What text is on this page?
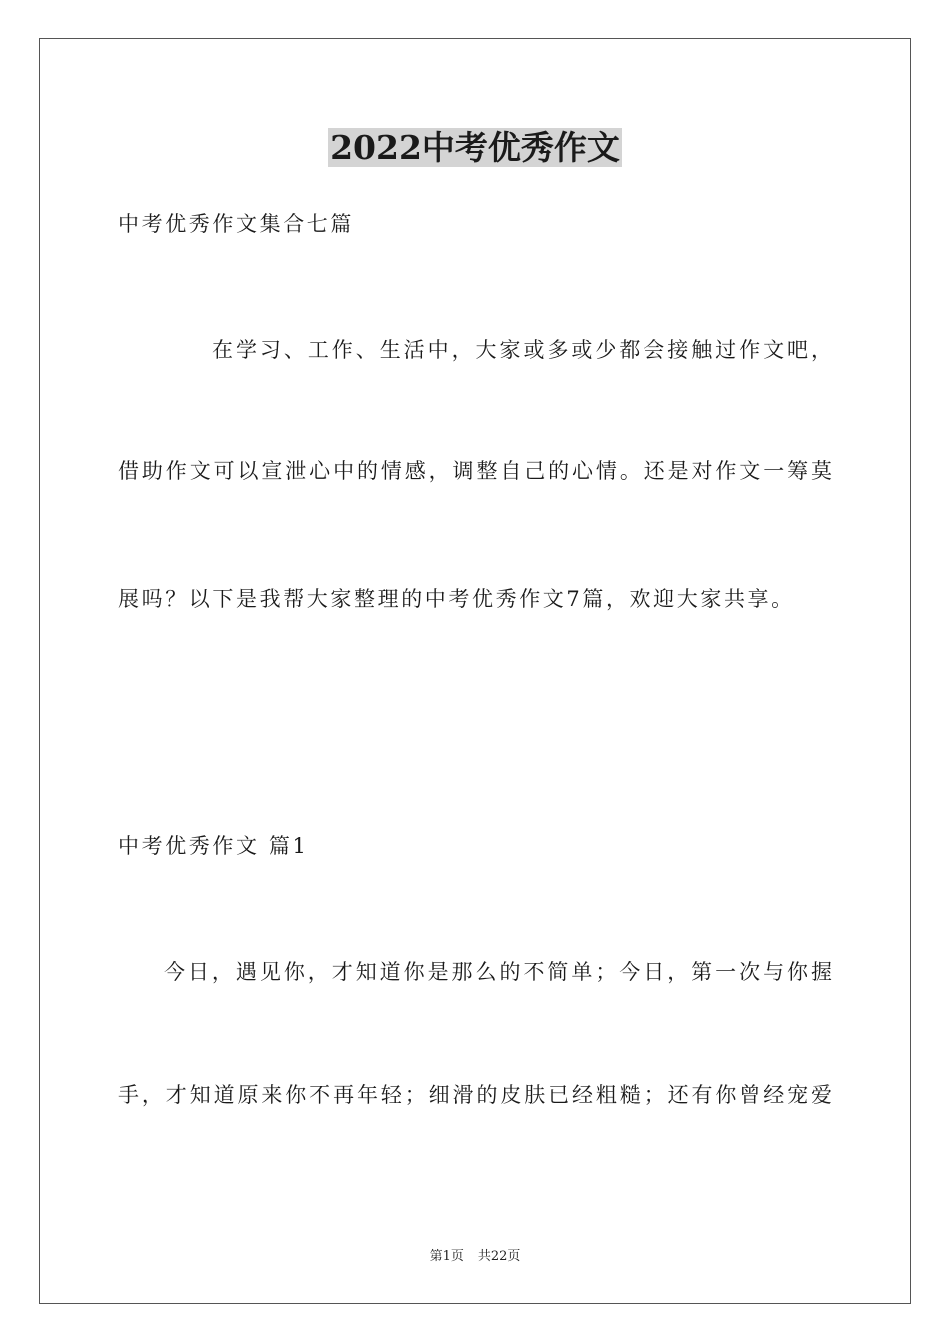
2022中考优秀作文
中考优秀作文集合七篇
在学习、工作、生活中，大家或多或少都会接触过作文吧，
借助作文可以宣泄心中的情感，调整自己的心情。还是对作文一筹莫
展吗？以下是我帮大家整理的中考优秀作文7篇，欢迎大家共享。
中考优秀作文 篇1
今日，遇见你，才知道你是那么的不简单；今日，第一次与你握
手，才知道原来你不再年轻；细滑的皮肤已经粗糙；还有你曾经宠爱
第1页 共22页
